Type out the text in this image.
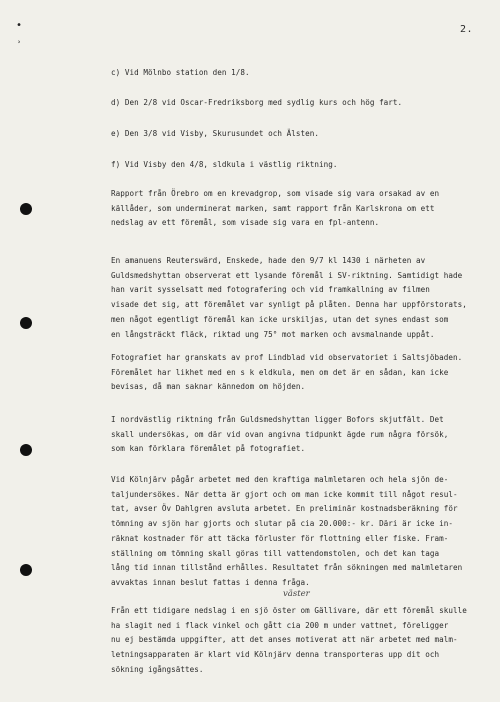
•
ʾ
2.
c) Vid Mölnbo station den 1/8.
d) Den 2/8 vid Oscar-Fredriksborg med sydlig kurs och hög fart.
e) Den 3/8 vid Visby, Skurusundet och Älsten.
f) Vid Visby den 4/8, sldkula i västlig riktning.
Rapport från Örebro om en krevadgrop, som visade sig vara orsakad av en
källåder, som underminerat marken, samt rapport från Karlskrona om ett
nedslag av ett föremål, som visade sig vara en fpl-antenn.
En amanuens Reuterswärd, Enskede, hade den 9/7 kl 1430 i närheten av
Guldsmedshyttan observerat ett lysande föremål i SV-riktning. Samtidigt hade
han varit sysselsatt med fotografering och vid framkallning av filmen
visade det sig, att föremålet var synligt på plåten. Denna har uppförstorats,
men något egentligt föremål kan icke urskiljas, utan det synes endast som
en långsträckt fläck, riktad ung 75° mot marken och avsmalnande uppåt.
Fotografiet har granskats av prof Lindblad vid observatoriet i Saltsjöbaden.
Föremålet har likhet med en s k eldkula, men om det är en sådan, kan icke
bevisas, då man saknar kännedom om höjden.
I nordvästlig riktning från Guldsmedshyttan ligger Bofors skjutfält. Det
skall undersökas, om där vid ovan angivna tidpunkt ägde rum några försök,
som kan förklara föremålet på fotografiet.
Vid Kölnjärv pågår arbetet med den kraftiga malmletaren och hela sjön de-
taljundersökes. När detta är gjort och om man icke kommit till något resul-
tat, avser Öv Dahlgren avsluta arbetet. En preliminär kostnadsberäkning för
tömning av sjön har gjorts och slutar på cia 20.000:- kr. Däri är icke in-
räknat kostnader för att täcka förluster för flottning eller fiske. Fram-
ställning om tömning skall göras till vattendomstolen, och det kan taga
lång tid innan tillstånd erhålles. Resultatet från sökningen med malmletaren
avvaktas innan beslut fattas i denna fråga.
Från ett tidigare nedslag i en sjö öster om Gällivare, där ett föremål skulle
ha slagit ned i flack vinkel och gått cia 200 m under vattnet, föreligger
nu ej bestämda uppgifter, att det anses motiverat att när arbetet med malm-
letningsapparaten är klart vid Kölnjärv denna transporteras upp dit och
sökning igångsättes.
väster
